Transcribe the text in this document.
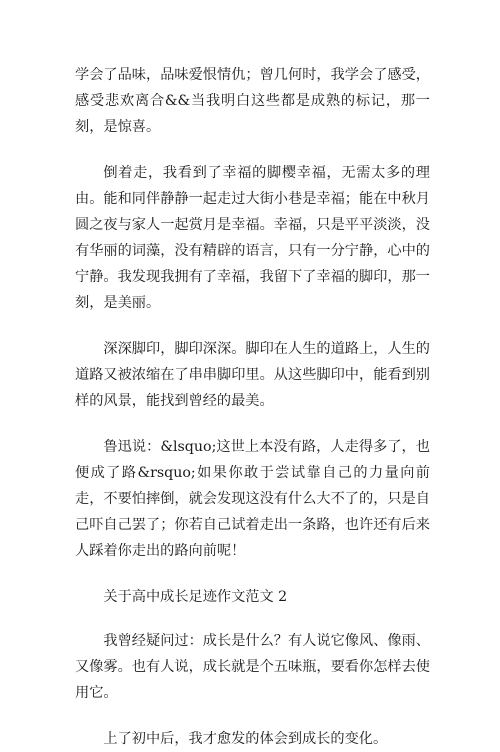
学会了品味，品味爱恨情仇；曾几何时，我学会了感受，感受悲欢离合&&当我明白这些都是成熟的标记，那一刻，是惊喜。

倒着走，我看到了幸福的脚樱幸福，无需太多的理由。能和同伴静静一起走过大街小巷是幸福；能在中秋月圆之夜与家人一起赏月是幸福。幸福，只是平平淡淡，没有华丽的词藻，没有精辟的语言，只有一分宁静，心中的宁静。我发现我拥有了幸福，我留下了幸福的脚印，那一刻，是美丽。

深深脚印，脚印深深。脚印在人生的道路上，人生的道路又被浓缩在了串串脚印里。从这些脚印中，能看到别样的风景，能找到曾经的最美。

鲁迅说：&lsquo;这世上本没有路，人走得多了，也便成了路&rsquo;如果你敢于尝试靠自己的力量向前走，不要怕摔倒，就会发现这没有什么大不了的，只是自己吓自己罢了；你若自己试着走出一条路，也许还有后来人踩着你走出的路向前呢！

关于高中成长足迹作文范文 2

我曾经疑问过：成长是什么？有人说它像风、像雨、又像雾。也有人说，成长就是个五味瓶，要看你怎样去使用它。

上了初中后，我才愈发的体会到成长的变化。
